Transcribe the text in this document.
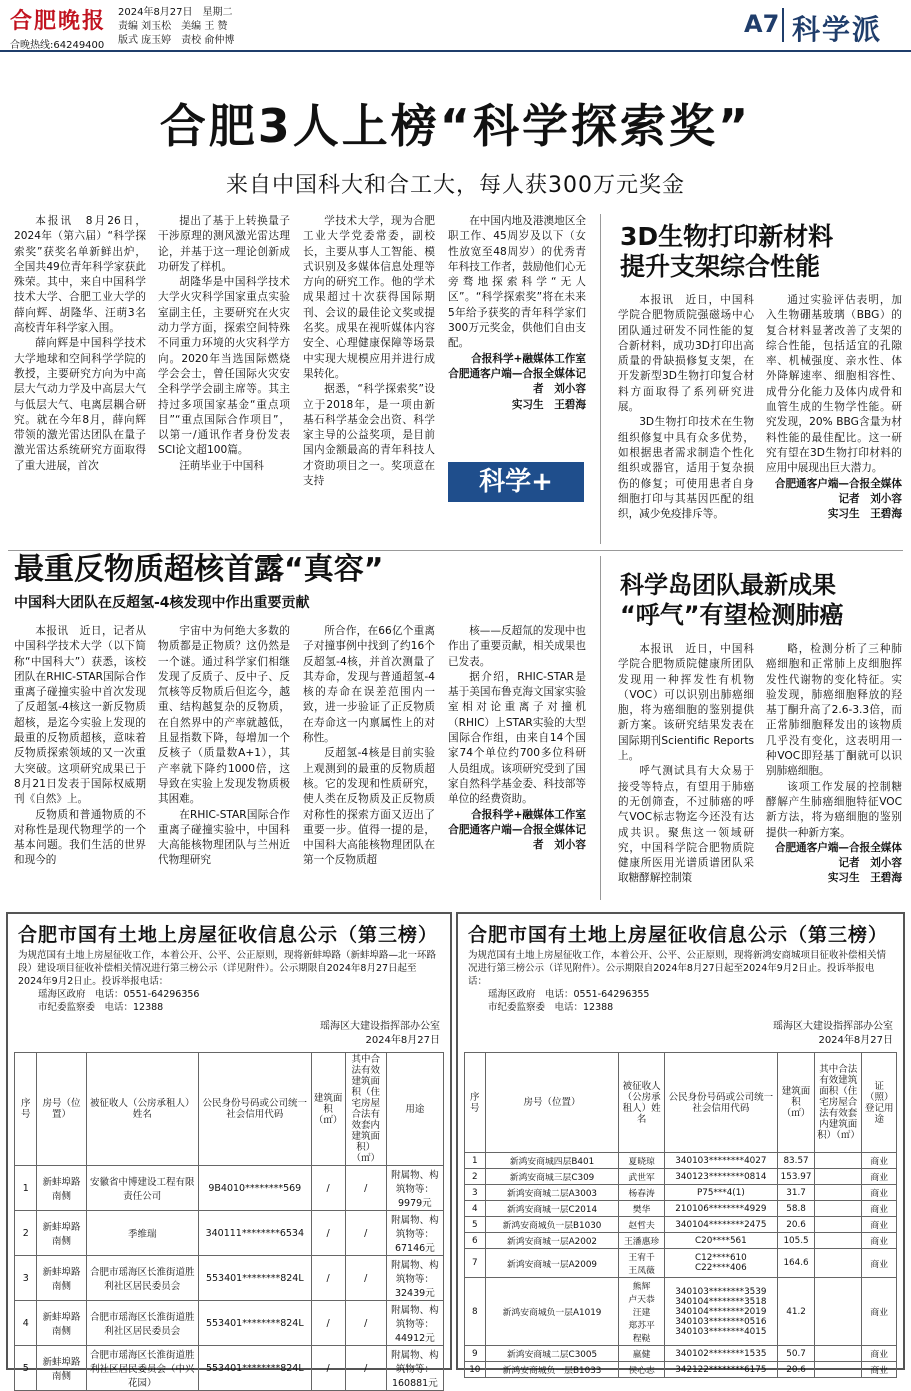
合肥晚报
合晚热线:64249400
2024年8月27日　星期二
责编 刘玉松　美编 王 赞
版式 庞玉婷　责校 俞仲博
A7 科学派
合肥3人上榜“科学探索奖”
来自中国科大和合工大，每人获300万元奖金

本报讯　8月26日，2024年（第六届）“科学探索奖”获奖名单新鲜出炉，全国共49位青年科学家获此殊荣。其中，来自中国科学技术大学、合肥工业大学的薛向辉、胡隆华、汪萌3名高校青年科学家入围。

薛向辉是中国科学技术大学地球和空间科学学院的教授，主要研究方向为中高层大气动力学及中高层大气与低层大气、电离层耦合研究。就在今年8月，薛向辉带领的激光雷达团队在量子激光雷达系统研究方面取得了重大进展，首次

提出了基于上转换量子干涉原理的测风激光雷达理论，并基于这一理论创新成功研发了样机。

胡隆华是中国科学技术大学火灾科学国家重点实验室副主任，主要研究在火灾动力学方面，探索空间特殊不同重力环境的火灾科学方向。2020年当选国际燃烧学会会士，曾任国际火灾安全科学学会副主席等。其主持过多项国家基金“重点项目”“重点国际合作项目”，以第一/通讯作者身份发表SCI论文超100篇。

汪萌毕业于中国科

学技术大学，现为合肥工业大学党委常委，副校长，主要从事人工智能、模式识别及多媒体信息处理等方向的研究工作。他的学术成果超过十次获得国际期刊、会议的最佳论文奖或提名奖。成果在视听媒体内容安全、心理健康保障等场景中实现大规模应用并进行成果转化。

据悉，“科学探索奖”设立于2018年，是一项由新基石科学基金会出资、科学家主导的公益奖项，是目前国内金额最高的青年科技人才资助项目之一。奖项意在支持

在中国内地及港澳地区全职工作、45周岁及以下（女性放宽至48周岁）的优秀青年科技工作者，鼓励他们心无旁骛地探索科学“无人区”。“科学探索奖”将在未来5年给予获奖的青年科学家们300万元奖金，供他们自由支配。

合报科学+融媒体工作室

合肥通客户端—合报全媒体记者　刘小容

实习生　王碧海

科学+
3D生物打印新材料
提升支架综合性能

本报讯　近日，中国科学院合肥物质院强磁场中心团队通过研发不同性能的复合新材料，成功3D打印出高质量的骨缺损修复支架，在开发新型3D生物打印复合材料方面取得了系列研究进展。

3D生物打印技术在生物组织修复中具有众多优势，如根据患者需求制造个性化组织或器官，适用于复杂损伤的修复；可使用患者自身细胞打印与其基因匹配的组织，减少免疫排斥等。

通过实验评估表明，加入生物硼基玻璃（BBG）的复合材料显著改善了支架的综合性能，包括适宜的孔隙率、机械强度、亲水性、体外降解速率、细胞相容性、成骨分化能力及体内成骨和血管生成的生物学性能。研究发现，20% BBG含量为材料性能的最佳配比。这一研究有望在3D生物打印材料的应用中展现出巨大潜力。

合肥通客户端—合报全媒体记者　刘小容

实习生　王碧海

最重反物质超核首露“真容”
中国科大团队在反超氢-4核发现中作出重要贡献

本报讯　近日，记者从中国科学技术大学（以下简称“中国科大”）获悉，该校团队在RHIC-STAR国际合作重离子碰撞实验中首次发现了反超氢-4核这一新反物质超核，是迄今实验上发现的最重的反物质超核，意味着反物质探索领域的又一次重大突破。这项研究成果已于8月21日发表于国际权威期刊《自然》上。

反物质和普通物质的不对称性是现代物理学的一个基本问题。我们生活的世界和现今的

宇宙中为何绝大多数的物质都是正物质？这仍然是一个谜。通过科学家们相继发现了反质子、反中子、反氘核等反物质后但迄今，越重、结构越复杂的反物质，在自然界中的产率就越低，且显指数下降，每增加一个反核子（质量数A+1），其产率就下降约1000倍，这导致在实验上发现发物质极其困难。

在RHIC-STAR国际合作重离子碰撞实验中，中国科大高能核物理团队与兰州近代物理研究

所合作，在66亿个重离子对撞事例中找到了约16个反超氢-4核，并首次测量了其寿命，发现与普通超氢-4核的寿命在误差范围内一致，进一步验证了正反物质在寿命这一内禀属性上的对称性。

反超氢-4核是目前实验上观测到的最重的反物质超核。它的发现和性质研究，使人类在反物质及正反物质对称性的探索方面又迈出了重要一步。值得一提的是，中国科大高能核物理团队在第一个反物质超

核——反超氚的发现中也作出了重要贡献，相关成果也已发表。

据介绍，RHIC-STAR是基于美国布鲁克海文国家实验室相对论重离子对撞机（RHIC）上STAR实验的大型国际合作组，由来自14个国家74个单位约700多位科研人员组成。该项研究受到了国家自然科学基金委、科技部等单位的经费资助。

合报科学+融媒体工作室

合肥通客户端—合报全媒体记者　刘小容

科学岛团队最新成果
“呼气”有望检测肺癌

本报讯　近日，中国科学院合肥物质院健康所团队发现用一种挥发性有机物（VOC）可以识别出肺癌细胞，将为癌细胞的鉴别提供新方案。该研究结果发表在国际期刊Scientific Reports上。

呼气测试具有大众易于接受等特点，有望用于肺癌的无创筛查，不过肺癌的呼气VOC标志物迄今还没有达成共识。聚焦这一领域研究，中国科学院合肥物质院健康所医用光谱质谱团队采取糖酵解控制策

略，检测分析了三种肺癌细胞和正常肺上皮细胞挥发性代谢物的变化特征。实验发现，肺癌细胞释放的羟基丁酮升高了2.6-3.3倍，而正常肺细胞释发出的该物质几乎没有变化，这表明用一种VOC即羟基丁酮就可以识别肺癌细胞。

该项工作发展的控制糖酵解产生肺癌细胞特征VOC新方法，将为癌细胞的鉴别提供一种新方案。

合肥通客户端—合报全媒体记者　刘小容

实习生　王碧海

合肥市国有土地上房屋征收信息公示（第三榜）
为规范国有土地上房屋征收工作，本着公开、公平、公正原则，现将新蚌埠路（新蚌埠路—北一环路段）建设项目征收补偿相关情况进行第三榜公示（详见附件）。公示期限自2024年8月27日起至2024年9月2日止。投诉举报电话：
瑶海区政府　电话：0551-64296356
市纪委监察委　电话：12388
瑶海区大建设指挥部办公室
2024年8月27日
序号	房号（位置）	被征收人（公房承租人）姓名	公民身份号码或公司统一社会信用代码	建筑面积（㎡）	其中合法有效建筑面积（住宅房屋合法有效套内建筑面积）（㎡）	用途
1	新蚌埠路南侧	安徽省中博建设工程有限责任公司	9B4010********569	/	/	附属物、构筑物等：9979元
2	新蚌埠路南侧	季维瑞	340111********6534	/	/	附属物、构筑物等：67146元
3	新蚌埠路南侧	合肥市瑶海区长淮街道胜利社区居民委员会	553401********824L	/	/	附属物、构筑物等：32439元
4	新蚌埠路南侧	合肥市瑶海区长淮街道胜利社区居民委员会	553401********824L	/	/	附属物、构筑物等：44912元
5	新蚌埠路南侧	合肥市瑶海区长淮街道胜利社区居民委员会（中兴花园）	553401********824L	/	/	附属物、构筑物等：160881元
合肥市国有土地上房屋征收信息公示（第三榜）
为规范国有土地上房屋征收工作，本着公开、公平、公正原则，现将新鸿安商城项目征收补偿相关情况进行第三榜公示（详见附件）。公示期限自2024年8月27日起至2024年9月2日止。投诉举报电话：
瑶海区政府　电话：0551-64296355
市纪委监察委　电话：12388
瑶海区大建设指挥部办公室
2024年8月27日
序号	房号（位置）	被征收人（公房承租人）姓名	公民身份号码或公司统一社会信用代码	建筑面积（㎡）	其中合法有效建筑面积（住宅房屋合法有效套内建筑面积）（㎡）	证（照）登记用途
1	新鸿安商城四层B401	夏晓琼	340103********4027	83.57		商业
2	新鸿安商城三层C309	武世军	340123********0814	153.97		商业
3	新鸿安商城二层A3003	杨春涛	P75***4(1)	31.7		商业
4	新鸿安商城一层C2014	樊华	210106********4929	58.8		商业
5	新鸿安商城负一层B1030	赵哲夫	340104********2475	20.6		商业
6	新鸿安商城一层A2002	王潘惠珍	C20****561	105.5		商业
7	新鸿安商城一层A2009	王宥千
王凤薇	C12****610
C22****406	164.6		商业
8	新鸿安商城负一层A1019	熊辉
卢天恭
汪建
郑苏平
程鞑	340103********3539
340104********3518
340104********2019
340103********0516
340103********4015	41.2		商业
9	新鸿安商城二层C3005	嬴健	340102********1535	50.7		商业
10	新鸿安商城负一层B1033	侯心志	342122********6175	20.6		商业
